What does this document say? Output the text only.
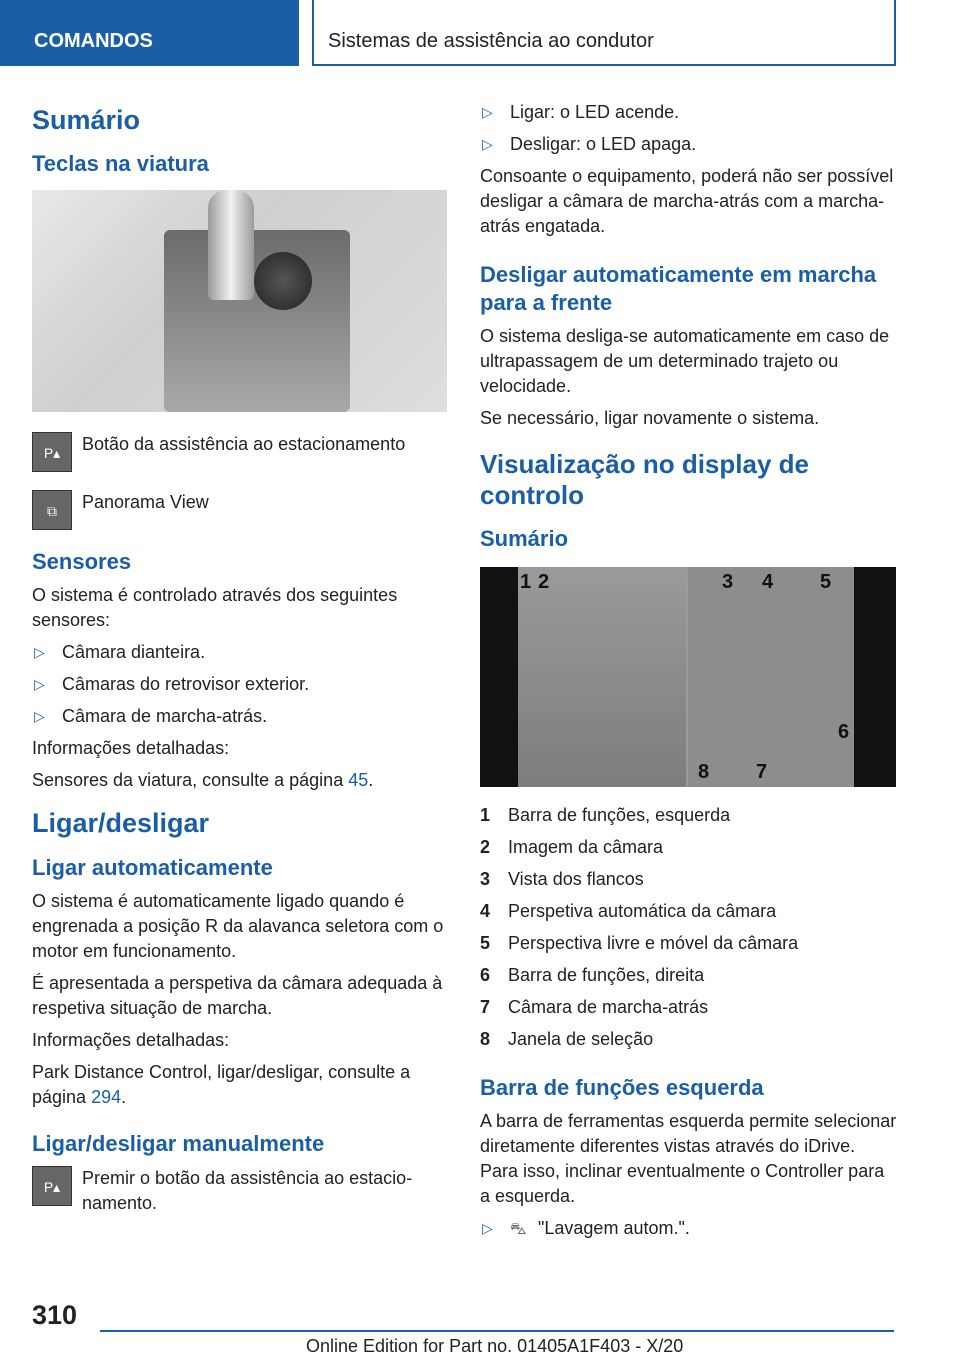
COMANDOS	Sistemas de assistência ao condutor
Sumário
Teclas na viatura
P▴	Botão da assistência ao estacionamento

⧉	Panorama View

Sensores

O sistema é controlado através dos seguintes sensores:

▷ Câmara dianteira.
▷ Câmaras do retrovisor exterior.
▷ Câmara de marcha-atrás.

Informações detalhadas:

Sensores da viatura, consulte a página 45.

Ligar/desligar
Ligar automaticamente

O sistema é automaticamente ligado quando é engrenada a posição R da alavanca seletora com o motor em funcionamento.

É apresentada a perspetiva da câmara adequada à respetiva situação de marcha.

Informações detalhadas:

Park Distance Control, ligar/desligar, consulte a página 294.

Ligar/desligar manualmente
P▴	Premir o botão da assistência ao estacionamento.

▷ Ligar: o LED acende.
▷ Desligar: o LED apaga.

Consoante o equipamento, poderá não ser possível desligar a câmara de marcha-atrás com a marcha-atrás engatada.

Desligar automaticamente em marcha para a frente

O sistema desliga-se automaticamente em caso de ultrapassagem de um determinado trajeto ou velocidade.

Se necessário, ligar novamente o sistema.

Visualização no display de controlo
Sumário
1 2	3 4 5
6
7
8
1 Barra de funções, esquerda
2 Imagem da câmara
3 Vista dos flancos
4 Perspetiva automática da câmara
5 Perspectiva livre e móvel da câmara
6 Barra de funções, direita
7 Câmara de marcha-atrás
8 Janela de seleção
Barra de funções esquerda

A barra de ferramentas esquerda permite selecionar diretamente diferentes vistas através do iDrive. Para isso, inclinar eventualmente o Controller para a esquerda.

▷ ⛍ "Lavagem autom.".
310
Online Edition for Part no. 01405A1F403 - X/20
